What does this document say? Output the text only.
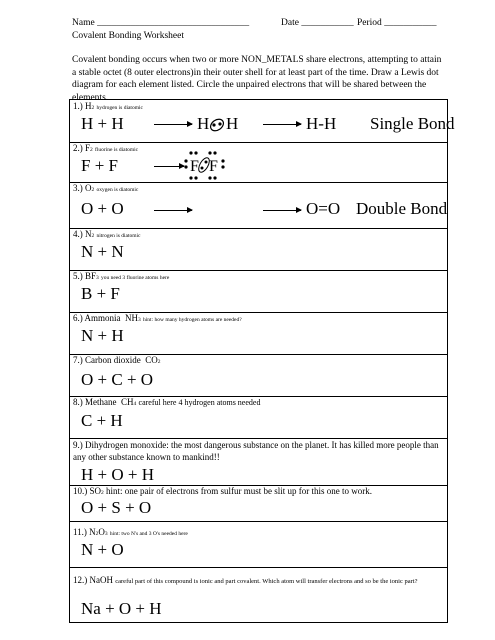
Name ________________________________	Date ___________ Period ___________
Covalent Bonding Worksheet
Covalent bonding occurs when two or more NON_METALS share electrons, attempting to attain a stable octet (8 outer electrons)in their outer shell for at least part of the time. Draw a Lewis dot diagram for each element listed. Circle the unpaired electrons that will be shared between the elements.
1.) H2 hydrogen is diatomic
H + H	H H	H-H Single Bond
2.) F2 fluorine is diatomic
F + F	F F
3.) O2 oxygen is diatomic
O + O	O=O Double Bond
4.) N2 nitrogen is diatomic
N + N
5.) BF3 you need 3 fluorine atoms here
B + F
6.) Ammonia NH3 hint: how many hydrogen atoms are needed?
N + H
7.) Carbon dioxide CO2
O + C + O
8.) Methane CH4 careful here 4 hydrogen atoms needed
C + H
9.) Dihydrogen monoxide: the most dangerous substance on the planet. It has killed more people than any other substance known to mankind!!
H + O + H
10.) SO2 hint: one pair of electrons from sulfur must be slit up for this one to work.
O + S + O
11.) N2O3 hint: two N's and 3 O's needed here
N + O
12.) NaOH careful part of this compound is ionic and part covalent. Which atom will transfer electrons and so be the ionic part?
Na + O + H
